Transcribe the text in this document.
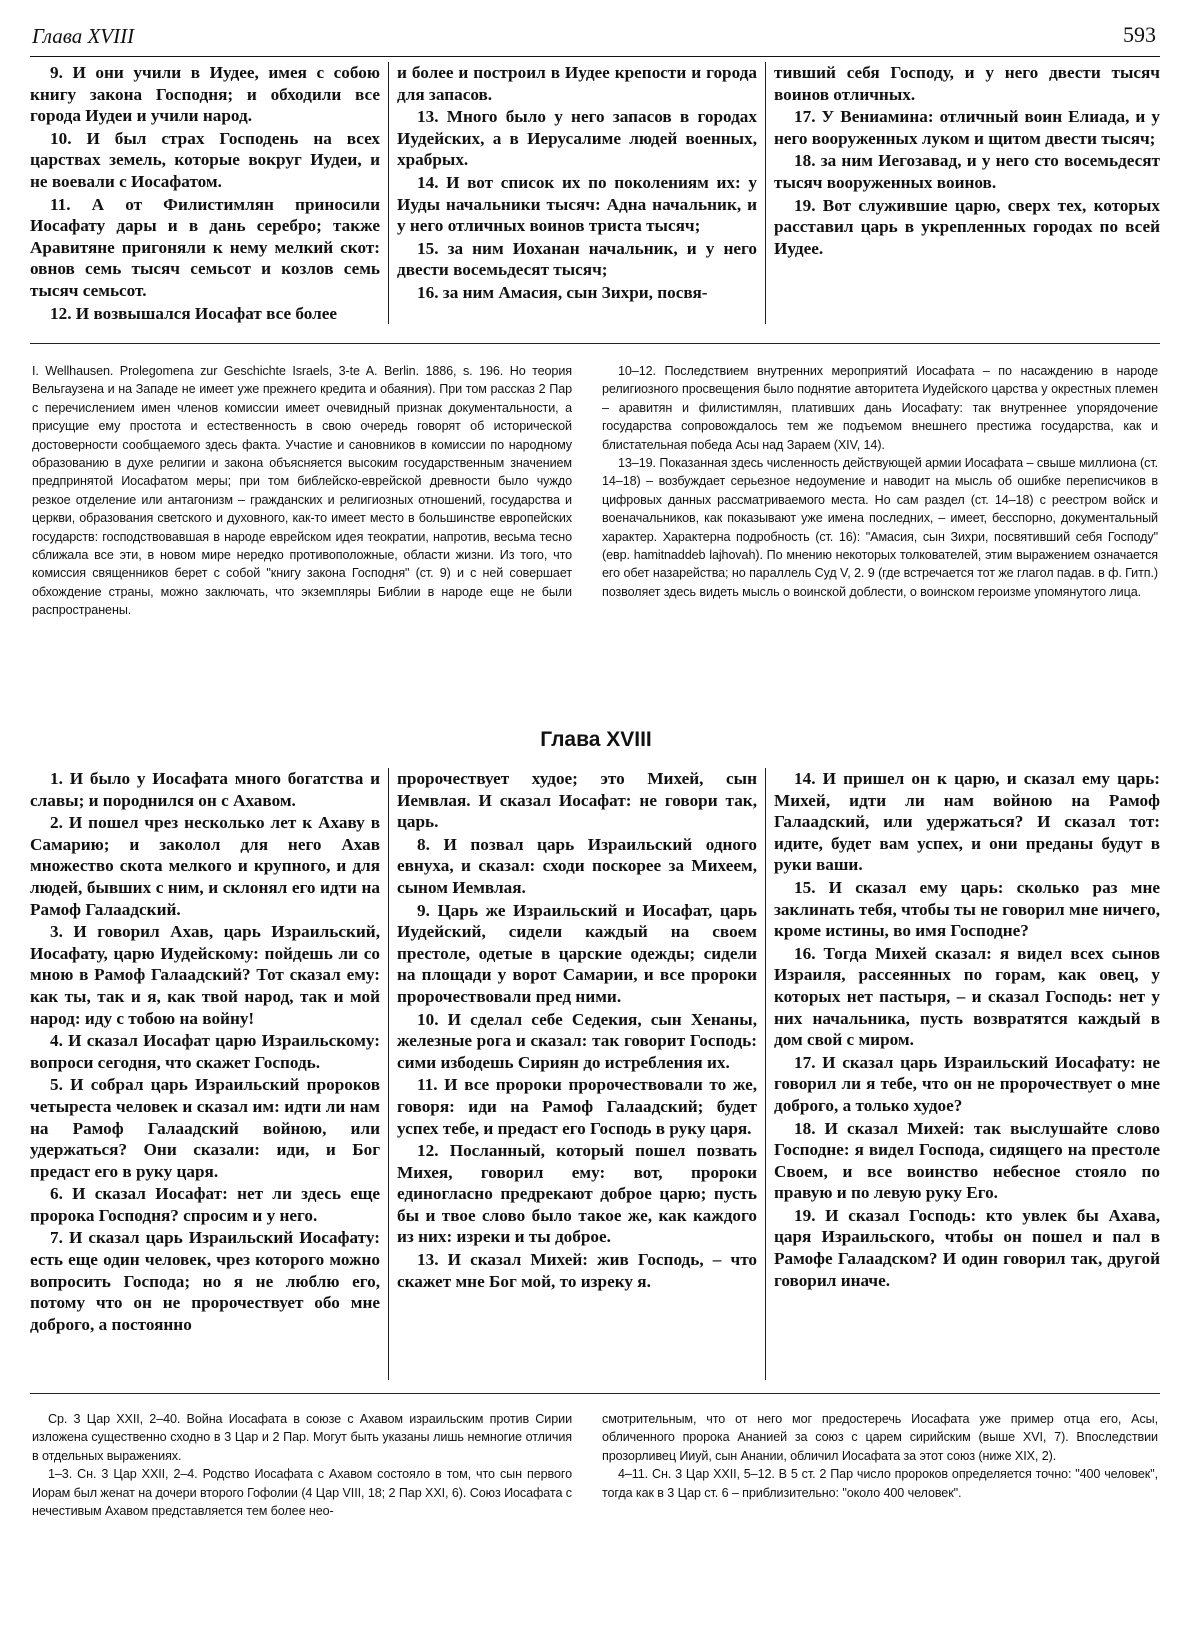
Глава XVIII	593

9. И они учили в Иудее, имея с собою книгу закона Господня; и обходили все города Иудеи и учили народ.

10. И был страх Господень на всех царствах земель, которые вокруг Иудеи, и не воевали с Иосафатом.

11. А от Филистимлян приносили Иосафату дары и в дань серебро; также Аравитяне пригоняли к нему мелкий скот: овнов семь тысяч семьсот и козлов семь тысяч семьсот.

12. И возвышался Иосафат все более

и более и построил в Иудее крепости и города для запасов.

13. Много было у него запасов в городах Иудейских, а в Иерусалиме людей военных, храбрых.

14. И вот список их по поколениям их: у Иуды начальники тысяч: Адна начальник, и у него отличных воинов триста тысяч;

15. за ним Иоханан начальник, и у него двести восемьдесят тысяч;

16. за ним Амасия, сын Зихри, посвя-

тивший себя Господу, и у него двести тысяч воинов отличных.

17. У Вениамина: отличный воин Елиада, и у него вооруженных луком и щитом двести тысяч;

18. за ним Иегозавад, и у него сто восемьдесят тысяч вооруженных воинов.

19. Вот служившие царю, сверх тех, которых расставил царь в укрепленных городах по всей Иудее.

I. Wellhausen. Prolegomena zur Geschichte Israels, 3-te A. Berlin. 1886, s. 196. Но теория Вельгаузена и на Западе не имеет уже прежнего кредита и обаяния). При том рассказ 2 Пар с перечислением имен членов комиссии имеет очевидный признак документальности, а присущие ему простота и естественность в свою очередь говорят об исторической достоверности сообщаемого здесь факта. Участие и сановников в комиссии по народному образованию в духе религии и закона объясняется высоким государственным значением предпринятой Иосафатом меры; при том библейско-еврейской древности было чуждо резкое отделение или антагонизм – гражданских и религиозных отношений, государства и церкви, образования светского и духовного, как-то имеет место в большинстве европейских государств: господствовавшая в народе еврейском идея теократии, напротив, весьма тесно сближала все эти, в новом мире нередко противоположные, области жизни. Из того, что комиссия священников берет с собой "книгу закона Господня" (ст. 9) и с ней совершает обхождение страны, можно заключать, что экземпляры Библии в народе еще не были распространены.

10–12. Последствием внутренних мероприятий Иосафата – по насаждению в народе религиозного просвещения было поднятие авторитета Иудейского царства у окрестных племен – аравитян и филистимлян, плативших дань Иосафату: так внутреннее упорядочение государства сопровождалось тем же подъемом внешнего престижа государства, как и блистательная победа Асы над Зараем (XIV, 14).

13–19. Показанная здесь численность действующей армии Иосафата – свыше миллиона (ст. 14–18) – возбуждает серьезное недоумение и наводит на мысль об ошибке переписчиков в цифровых данных рассматриваемого места. Но сам раздел (ст. 14–18) с реестром войск и военачальников, как показывают уже имена последних, – имеет, бесспорно, документальный характер. Характерна подробность (ст. 16): "Амасия, сын Зихри, посвятивший себя Господу" (евр. hamitnaddeb lajhovah). По мнению некоторых толкователей, этим выражением означается его обет назарейства; но параллель Суд V, 2. 9 (где встречается тот же глагол падав. в ф. Гитп.) позволяет здесь видеть мысль о воинской доблести, о воинском героизме упомянутого лица.

Глава XVIII

1. И было у Иосафата много богатства и славы; и породнился он с Ахавом.

2. И пошел чрез несколько лет к Ахаву в Самарию; и заколол для него Ахав множество скота мелкого и крупного, и для людей, бывших с ним, и склонял его идти на Рамоф Галаадский.

3. И говорил Ахав, царь Израильский, Иосафату, царю Иудейскому: пойдешь ли со мною в Рамоф Галаадский? Тот сказал ему: как ты, так и я, как твой народ, так и мой народ: иду с тобою на войну!

4. И сказал Иосафат царю Израильскому: вопроси сегодня, что скажет Господь.

5. И собрал царь Израильский пророков четыреста человек и сказал им: идти ли нам на Рамоф Галаадский войною, или удержаться? Они сказали: иди, и Бог предаст его в руку царя.

6. И сказал Иосафат: нет ли здесь еще пророка Господня? спросим и у него.

7. И сказал царь Израильский Иосафату: есть еще один человек, чрез которого можно вопросить Господа; но я не люблю его, потому что он не пророчествует обо мне доброго, а постоянно

пророчествует худое; это Михей, сын Иемвлая. И сказал Иосафат: не говори так, царь.

8. И позвал царь Израильский одного евнуха, и сказал: сходи поскорее за Михеем, сыном Иемвлая.

9. Царь же Израильский и Иосафат, царь Иудейский, сидели каждый на своем престоле, одетые в царские одежды; сидели на площади у ворот Самарии, и все пророки пророчествовали пред ними.

10. И сделал себе Седекия, сын Хенаны, железные рога и сказал: так говорит Господь: сими избодешь Сириян до истребления их.

11. И все пророки пророчествовали то же, говоря: иди на Рамоф Галаадский; будет успех тебе, и предаст его Господь в руку царя.

12. Посланный, который пошел позвать Михея, говорил ему: вот, пророки единогласно предрекают доброе царю; пусть бы и твое слово было такое же, как каждого из них: изреки и ты доброе.

13. И сказал Михей: жив Господь, – что скажет мне Бог мой, то изреку я.

14. И пришел он к царю, и сказал ему царь: Михей, идти ли нам войною на Рамоф Галаадский, или удержаться? И сказал тот: идите, будет вам успех, и они преданы будут в руки ваши.

15. И сказал ему царь: сколько раз мне заклинать тебя, чтобы ты не говорил мне ничего, кроме истины, во имя Господне?

16. Тогда Михей сказал: я видел всех сынов Израиля, рассеянных по горам, как овец, у которых нет пастыря, – и сказал Господь: нет у них начальника, пусть возвратятся каждый в дом свой с миром.

17. И сказал царь Израильский Иосафату: не говорил ли я тебе, что он не пророчествует о мне доброго, а только худое?

18. И сказал Михей: так выслушайте слово Господне: я видел Господа, сидящего на престоле Своем, и все воинство небесное стояло по правую и по левую руку Его.

19. И сказал Господь: кто увлек бы Ахава, царя Израильского, чтобы он пошел и пал в Рамофе Галаадском? И один говорил так, другой говорил иначе.

Ср. 3 Цар XXII, 2–40. Война Иосафата в союзе с Ахавом израильским против Сирии изложена существенно сходно в 3 Цар и 2 Пар. Могут быть указаны лишь немногие отличия в отдельных выражениях.

1–3. Сн. 3 Цар XXII, 2–4. Родство Иосафата с Ахавом состояло в том, что сын первого Иорам был женат на дочери второго Гофолии (4 Цар VIII, 18; 2 Пар XXI, 6). Союз Иосафата с нечестивым Ахавом представляется тем более неo-

смотрительным, что от него мог предостеречь Иосафата уже пример отца его, Асы, обличенного пророка Ананией за союз с царем сирийским (выше XVI, 7). Впоследствии прозорливец Ииуй, сын Анании, обличил Иосафата за этот союз (ниже XIX, 2).

4–11. Сн. 3 Цар XXII, 5–12. В 5 ст. 2 Пар число пророков определяется точно: "400 человек", тогда как в 3 Цар ст. 6 – приблизительно: "около 400 человек".
